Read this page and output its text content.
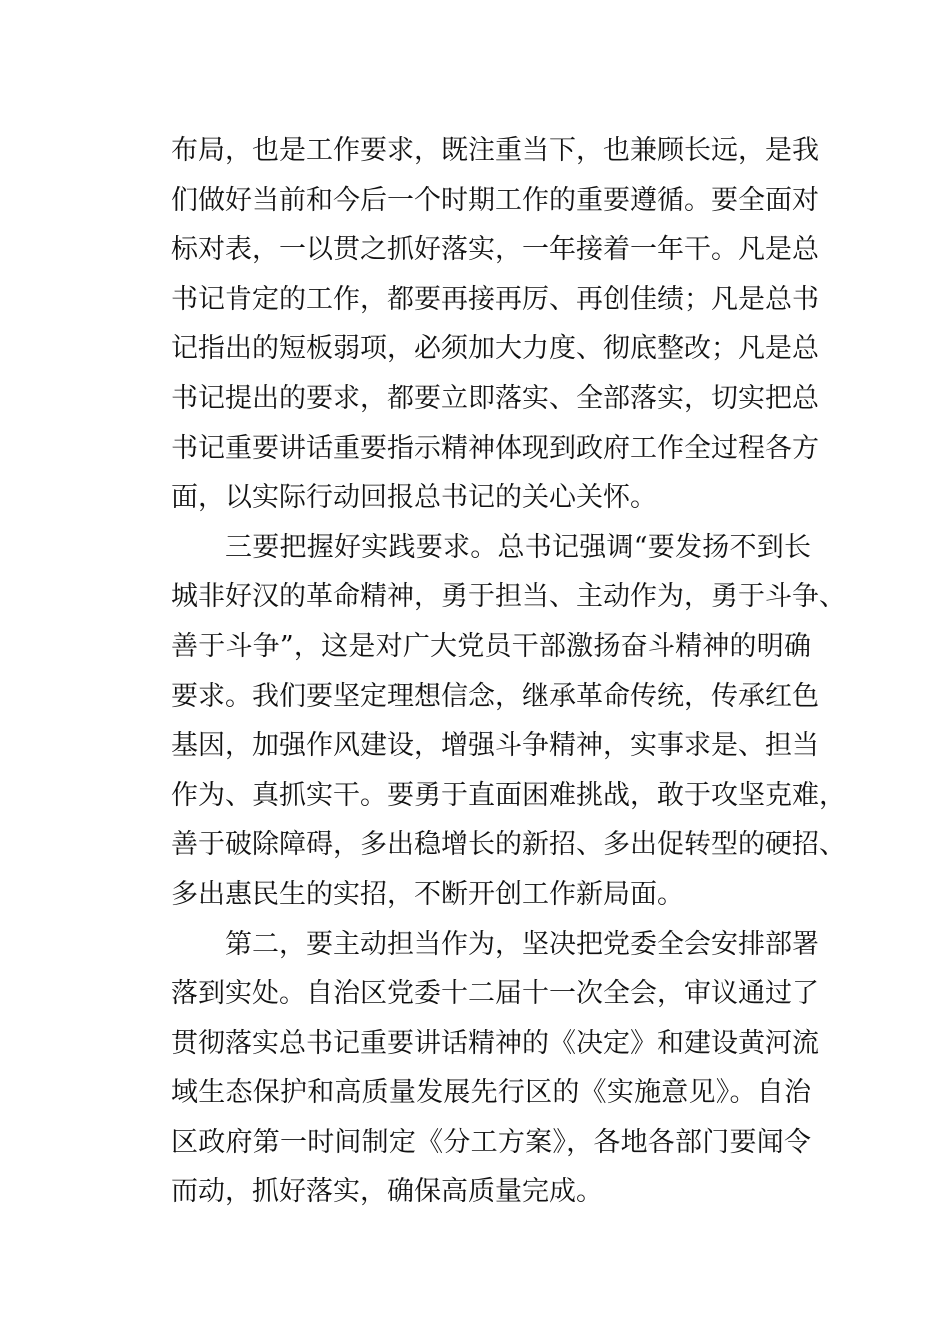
布局，也是工作要求，既注重当下，也兼顾长远，是我
们做好当前和今后一个时期工作的重要遵循。要全面对
标对表，一以贯之抓好落实，一年接着一年干。凡是总
书记肯定的工作，都要再接再厉、再创佳绩；凡是总书
记指出的短板弱项，必须加大力度、彻底整改；凡是总
书记提出的要求，都要立即落实、全部落实，切实把总
书记重要讲话重要指示精神体现到政府工作全过程各方
面，以实际行动回报总书记的关心关怀。
三要把握好实践要求。总书记强调“要发扬不到长
城非好汉的革命精神，勇于担当、主动作为，勇于斗争、
善于斗争”，这是对广大党员干部激扬奋斗精神的明确
要求。我们要坚定理想信念，继承革命传统，传承红色
基因，加强作风建设，增强斗争精神，实事求是、担当
作为、真抓实干。要勇于直面困难挑战，敢于攻坚克难，
善于破除障碍，多出稳增长的新招、多出促转型的硬招、
多出惠民生的实招，不断开创工作新局面。
第二，要主动担当作为，坚决把党委全会安排部署
落到实处。自治区党委十二届十一次全会，审议通过了
贯彻落实总书记重要讲话精神的《决定》和建设黄河流
域生态保护和高质量发展先行区的《实施意见》。自治
区政府第一时间制定《分工方案》，各地各部门要闻令
而动，抓好落实，确保高质量完成。
